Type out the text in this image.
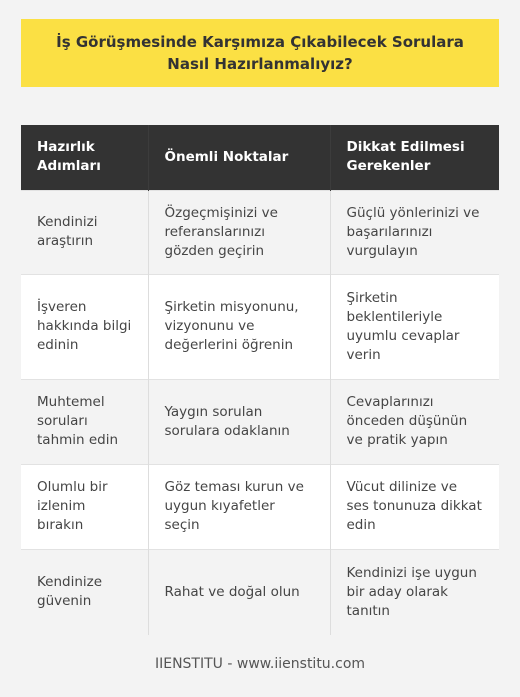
İş Görüşmesinde Karşımıza Çıkabilecek Sorulara Nasıl Hazırlanmalıyız?
Hazırlık Adımları	Önemli Noktalar	Dikkat Edilmesi Gerekenler
Kendinizi araştırın	Özgeçmişinizi ve referanslarınızı gözden geçirin	Güçlü yönlerinizi ve başarılarınızı vurgulayın
İşveren hakkında bilgi edinin	Şirketin misyonunu, vizyonunu ve değerlerini öğrenin	Şirketin beklentileriyle uyumlu cevaplar verin
Muhtemel soruları tahmin edin	Yaygın sorulan sorulara odaklanın	Cevaplarınızı önceden düşünün ve pratik yapın
Olumlu bir izlenim bırakın	Göz teması kurun ve uygun kıyafetler seçin	Vücut dilinize ve ses tonunuza dikkat edin
Kendinize güvenin	Rahat ve doğal olun	Kendinizi işe uygun bir aday olarak tanıtın
IIENSTITU - www.iienstitu.com
